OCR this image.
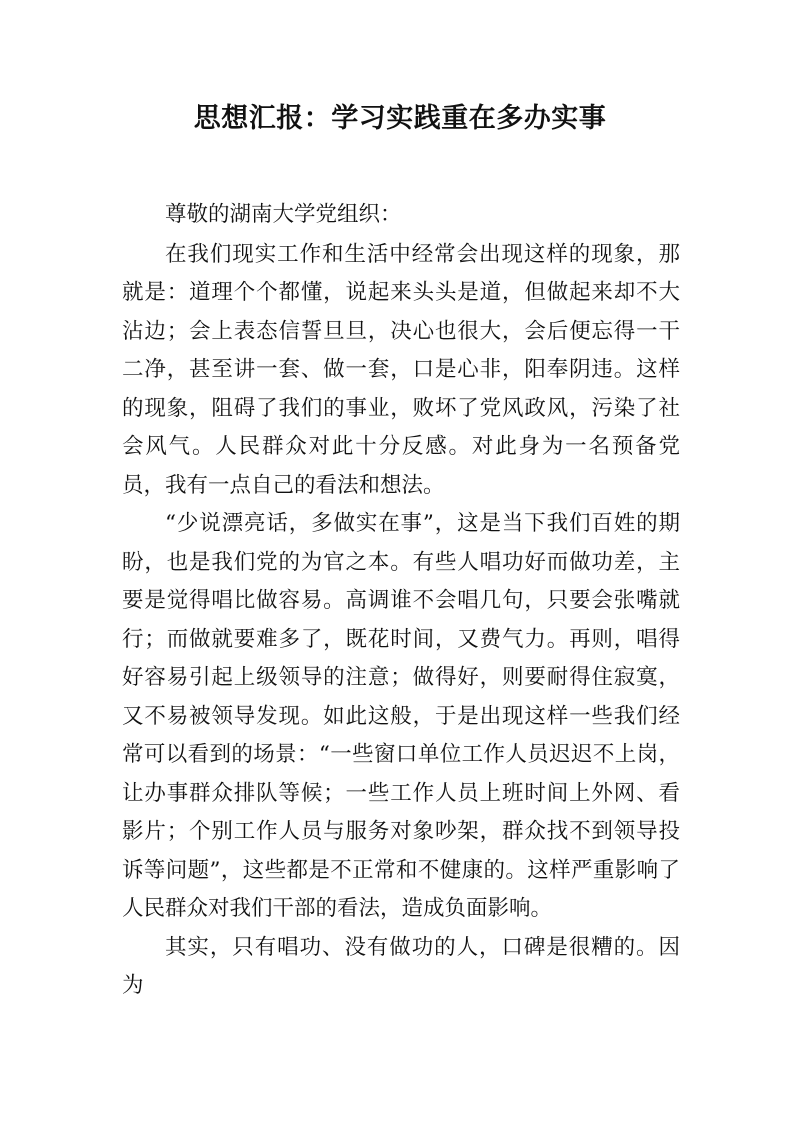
思想汇报：学习实践重在多办实事

尊敬的湖南大学党组织：

在我们现实工作和生活中经常会出现这样的现象，那就是：道理个个都懂，说起来头头是道，但做起来却不大沾边；会上表态信誓旦旦，决心也很大，会后便忘得一干二净，甚至讲一套、做一套，口是心非，阳奉阴违。这样的现象，阻碍了我们的事业，败坏了党风政风，污染了社会风气。人民群众对此十分反感。对此身为一名预备党员，我有一点自己的看法和想法。

“少说漂亮话，多做实在事”，这是当下我们百姓的期盼，也是我们党的为官之本。有些人唱功好而做功差，主要是觉得唱比做容易。高调谁不会唱几句，只要会张嘴就行；而做就要难多了，既花时间，又费气力。再则，唱得好容易引起上级领导的注意；做得好，则要耐得住寂寞，又不易被领导发现。如此这般，于是出现这样一些我们经常可以看到的场景：“一些窗口单位工作人员迟迟不上岗，让办事群众排队等候；一些工作人员上班时间上外网、看影片；个别工作人员与服务对象吵架，群众找不到领导投诉等问题”，这些都是不正常和不健康的。这样严重影响了人民群众对我们干部的看法，造成负面影响。

其实，只有唱功、没有做功的人，口碑是很糟的。因为
